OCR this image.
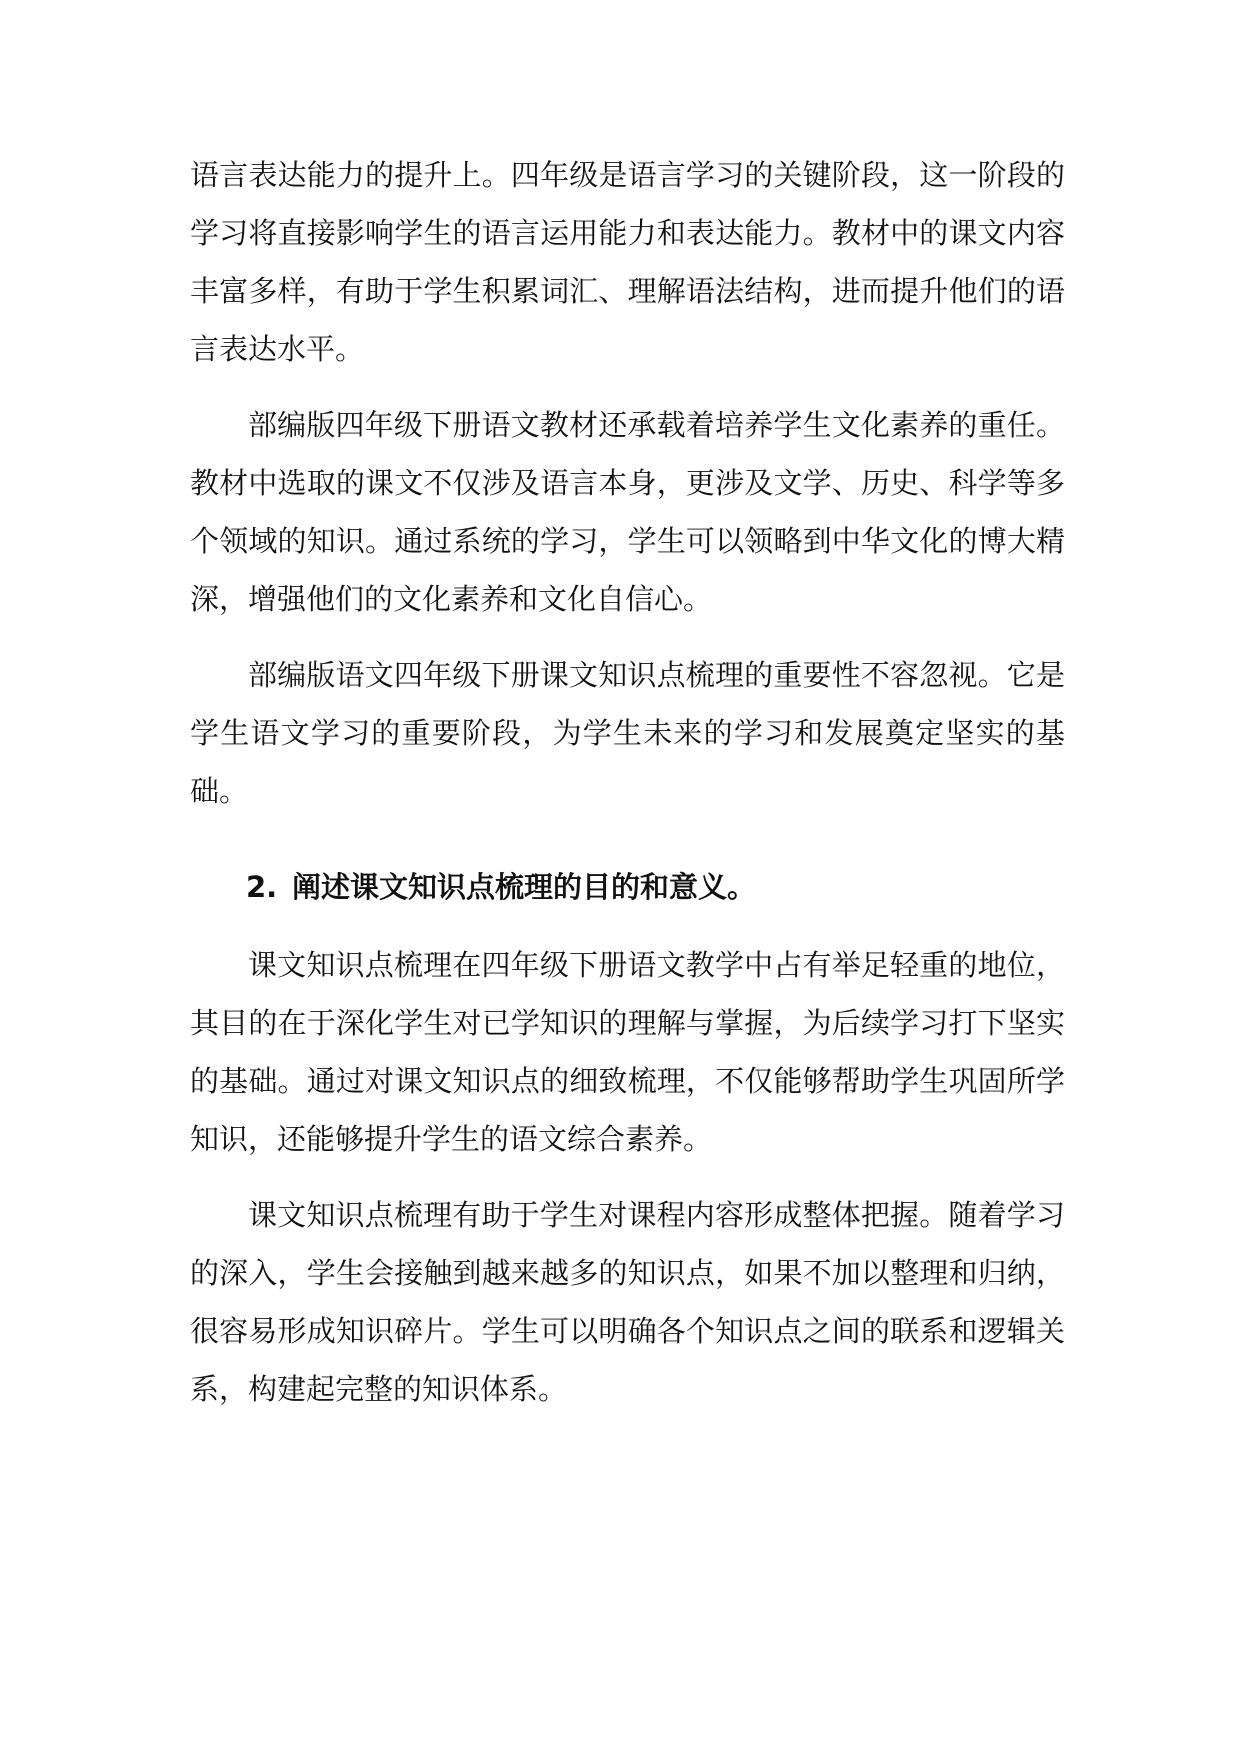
语言表达能力的提升上。四年级是语言学习的关键阶段，这一阶段的学习将直接影响学生的语言运用能力和表达能力。教材中的课文内容丰富多样，有助于学生积累词汇、理解语法结构，进而提升他们的语言表达水平。

部编版四年级下册语文教材还承载着培养学生文化素养的重任。教材中选取的课文不仅涉及语言本身，更涉及文学、历史、科学等多个领域的知识。通过系统的学习，学生可以领略到中华文化的博大精深，增强他们的文化素养和文化自信心。

部编版语文四年级下册课文知识点梳理的重要性不容忽视。它是学生语文学习的重要阶段，为学生未来的学习和发展奠定坚实的基础。

2. 阐述课文知识点梳理的目的和意义。

课文知识点梳理在四年级下册语文教学中占有举足轻重的地位，其目的在于深化学生对已学知识的理解与掌握，为后续学习打下坚实的基础。通过对课文知识点的细致梳理，不仅能够帮助学生巩固所学知识，还能够提升学生的语文综合素养。

课文知识点梳理有助于学生对课程内容形成整体把握。随着学习的深入，学生会接触到越来越多的知识点，如果不加以整理和归纳，很容易形成知识碎片。学生可以明确各个知识点之间的联系和逻辑关系，构建起完整的知识体系。
